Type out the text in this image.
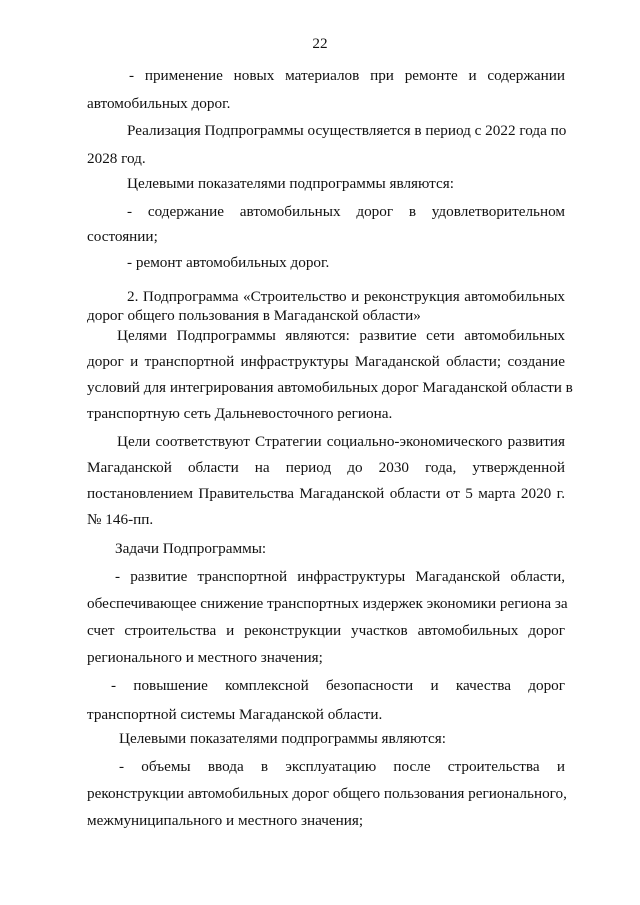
22
- применение новых материалов при ремонте и содержании
автомобильных дорог.
Реализация Подпрограммы осуществляется в период с 2022 года по
2028 год.
Целевыми показателями подпрограммы являются:
- содержание автомобильных дорог в удовлетворительном
состоянии;
- ремонт автомобильных дорог.
2. Подпрограмма «Строительство и реконструкция автомобильных
дорог общего пользования в Магаданской области»
Целями Подпрограммы являются: развитие сети автомобильных
дорог и транспортной инфраструктуры Магаданской области; создание
условий для интегрирования автомобильных дорог Магаданской области в
транспортную сеть Дальневосточного региона.
Цели соответствуют Стратегии социально-экономического развития
Магаданской области на период до 2030 года, утвержденной
постановлением Правительства Магаданской области от 5 марта 2020 г.
№ 146-пп.
Задачи Подпрограммы:
- развитие транспортной инфраструктуры Магаданской области,
обеспечивающее снижение транспортных издержек экономики региона за
счет строительства и реконструкции участков автомобильных дорог
регионального и местного значения;
- повышение комплексной безопасности и качества дорог
транспортной системы Магаданской области.
Целевыми показателями подпрограммы являются:
- объемы ввода в эксплуатацию после строительства и
реконструкции автомобильных дорог общего пользования регионального,
межмуниципального и местного значения;
